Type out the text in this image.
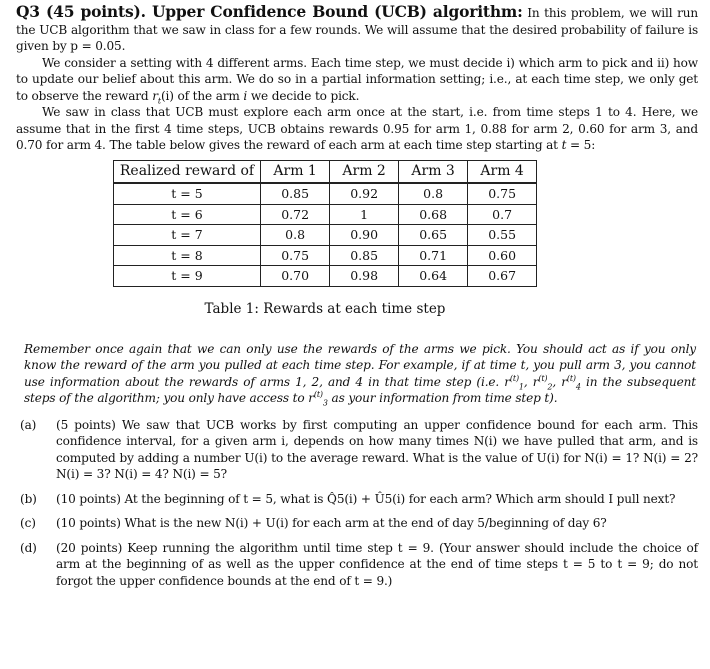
Q3 (45 points). Upper Confidence Bound (UCB) algorithm: In this problem, we will run the UCB algorithm that we saw in class for a few rounds. We will assume that the desired probability of failure is given by p = 0.05.

We consider a setting with 4 different arms. Each time step, we must decide i) which arm to pick and ii) how to update our belief about this arm. We do so in a partial information setting; i.e., at each time step, we only get to observe the reward $r_t(i)$ of the arm i we decide to pick.

We saw in class that UCB must explore each arm once at the start, i.e. from time steps 1 to 4. Here, we assume that in the first 4 time steps, UCB obtains rewards 0.95 for arm 1, 0.88 for arm 2, 0.60 for arm 3, and 0.70 for arm 4. The table below gives the reward of each arm at each time step starting at t = 5:

Realized reward of	Arm 1	Arm 2	Arm 3	Arm 4
t = 5	0.85	0.92	0.8	0.75
t = 6	0.72	1	0.68	0.7
t = 7	0.8	0.90	0.65	0.55
t = 8	0.75	0.85	0.71	0.60
t = 9	0.70	0.98	0.64	0.67

Table 1: Rewards at each time step

Remember once again that we can only use the rewards of the arms we pick. You should act as if you only know the reward of the arm you pulled at each time step. For example, if at time t, you pull arm 3, you cannot use information about the rewards of arms 1, 2, and 4 in that time step (i.e. $r^{(t)}_1$, $r^{(t)}_2$, $r^{(t)}_4$ in the subsequent steps of the algorithm; you only have access to $r^{(t)}_3$ as your information from time step t).

(a)	(5 points) We saw that UCB works by first computing an upper confidence bound for each arm. This confidence interval, for a given arm i, depends on how many times N(i) we have pulled that arm, and is computed by adding a number U(i) to the average reward. What is the value of U(i) for N(i) = 1? N(i) = 2? N(i) = 3? N(i) = 4? N(i) = 5?
(b)	(10 points) At the beginning of t = 5, what is Q̂5(i) + Û5(i) for each arm? Which arm should I pull next?
(c)	(10 points) What is the new N(i) + U(i) for each arm at the end of day 5/beginning of day 6?
(d)	(20 points) Keep running the algorithm until time step t = 9. (Your answer should include the choice of arm at the beginning of as well as the upper confidence at the end of time steps t = 5 to t = 9; do not forgot the upper confidence bounds at the end of t = 9.)
